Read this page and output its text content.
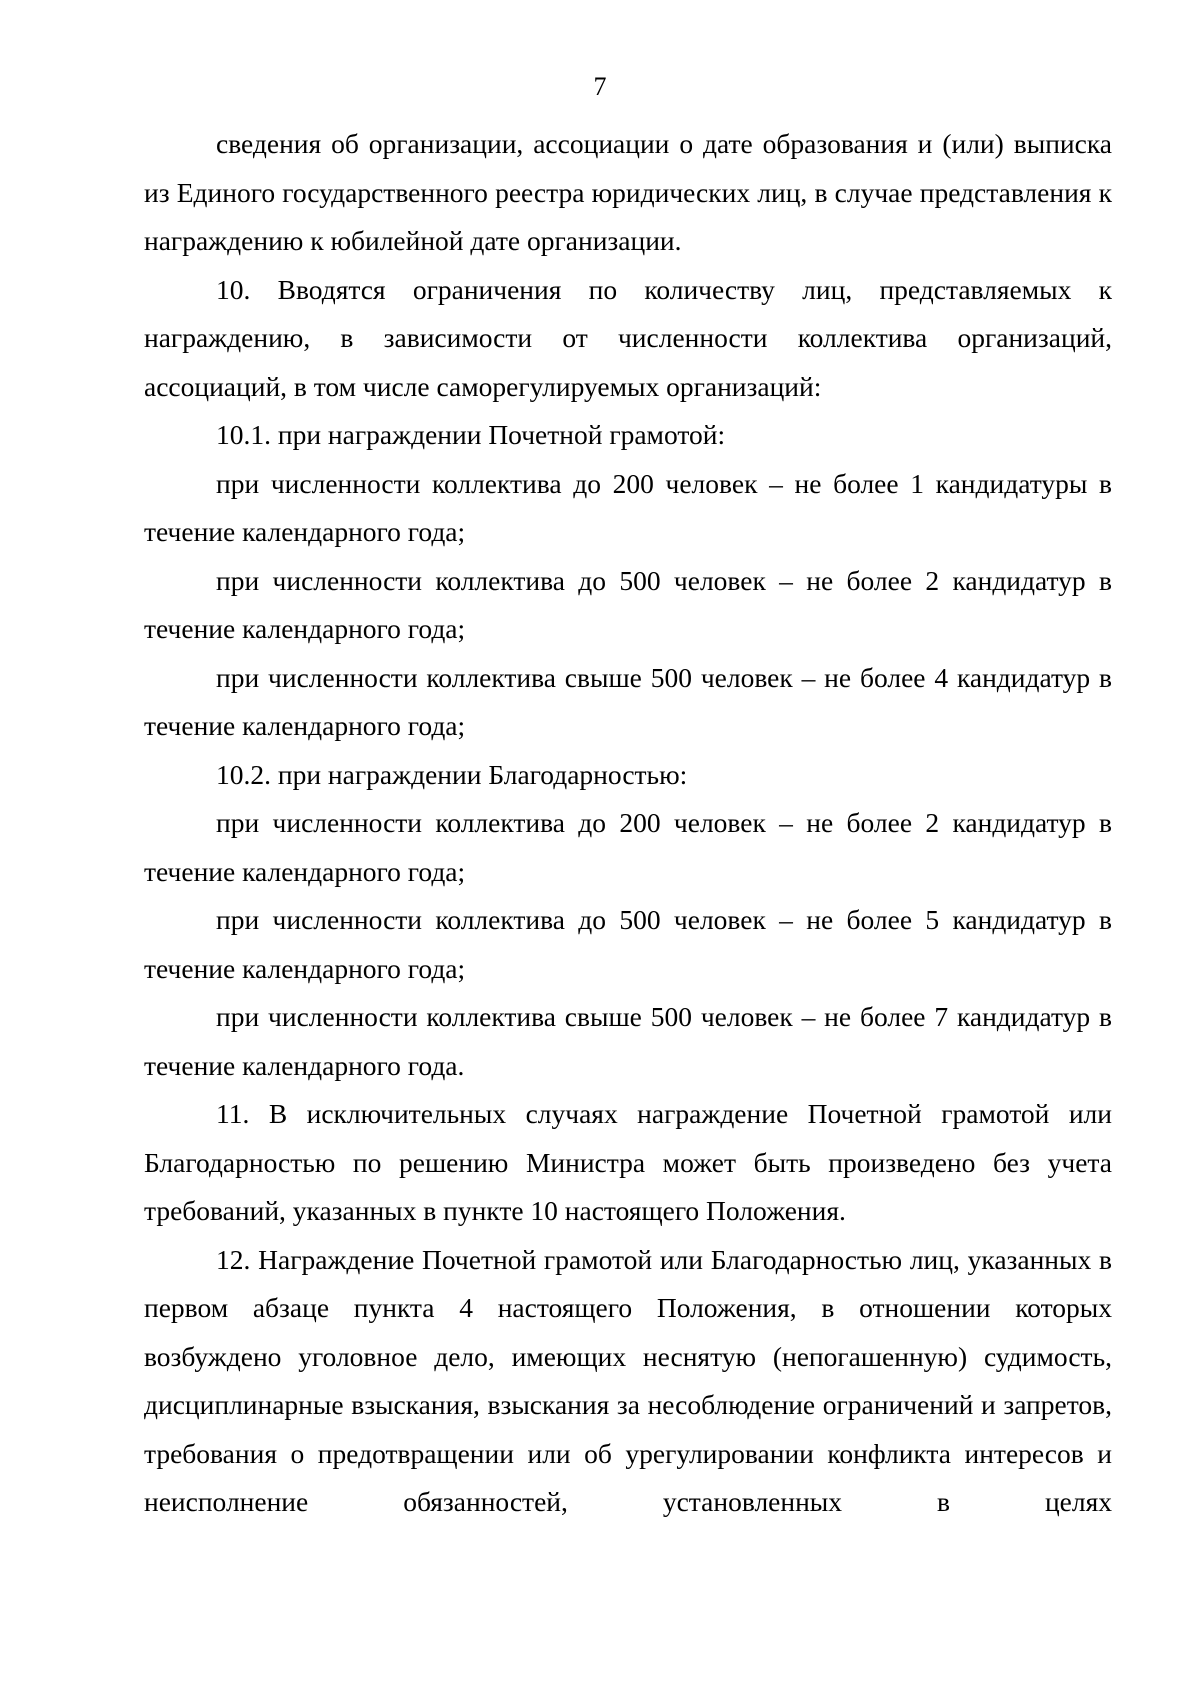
7

сведения об организации, ассоциации о дате образования и (или) выписка из Единого государственного реестра юридических лиц, в случае представления к награждению к юбилейной дате организации.

10. Вводятся ограничения по количеству лиц, представляемых к награждению, в зависимости от численности коллектива организаций, ассоциаций, в том числе саморегулируемых организаций:

10.1. при награждении Почетной грамотой:

при численности коллектива до 200 человек – не более 1 кандидатуры в течение календарного года;

при численности коллектива до 500 человек – не более 2 кандидатур в течение календарного года;

при численности коллектива свыше 500 человек – не более 4 кандидатур в течение календарного года;

10.2. при награждении Благодарностью:

при численности коллектива до 200 человек – не более 2 кандидатур в течение календарного года;

при численности коллектива до 500 человек – не более 5 кандидатур в течение календарного года;

при численности коллектива свыше 500 человек – не более 7 кандидатур в течение календарного года.

11. В исключительных случаях награждение Почетной грамотой или Благодарностью по решению Министра может быть произведено без учета требований, указанных в пункте 10 настоящего Положения.

12. Награждение Почетной грамотой или Благодарностью лиц, указанных в первом абзаце пункта 4 настоящего Положения, в отношении которых возбуждено уголовное дело, имеющих неснятую (непогашенную) судимость, дисциплинарные взыскания, взыскания за несоблюдение ограничений и запретов, требования о предотвращении или об урегулировании конфликта интересов и неисполнение обязанностей, установленных в целях
